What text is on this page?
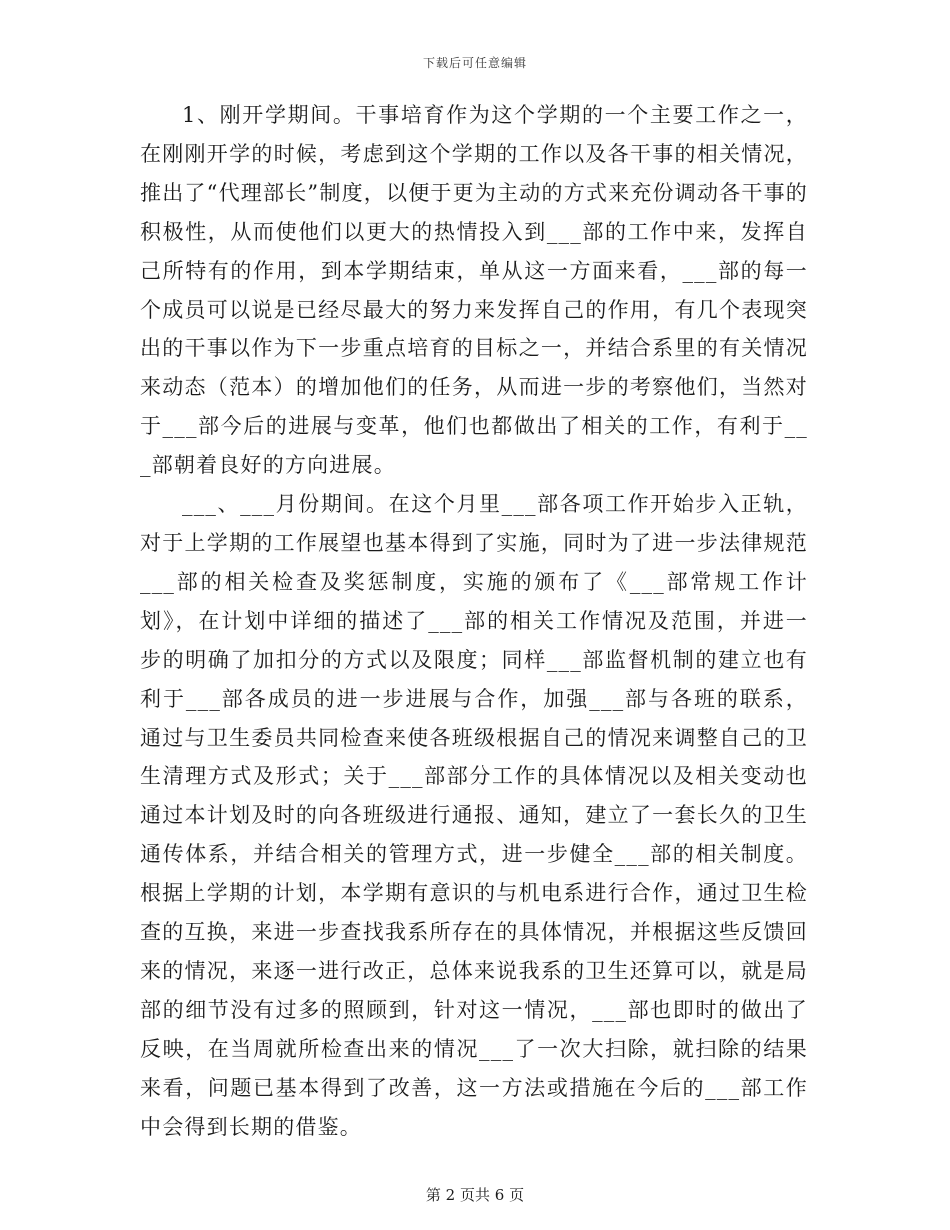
下载后可任意编辑

1、刚开学期间。干事培育作为这个学期的一个主要工作之一，在刚刚开学的时候，考虑到这个学期的工作以及各干事的相关情况，推出了“代理部长”制度，以便于更为主动的方式来充份调动各干事的积极性，从而使他们以更大的热情投入到___部的工作中来，发挥自己所特有的作用，到本学期结束，单从这一方面来看，___部的每一个成员可以说是已经尽最大的努力来发挥自己的作用，有几个表现突出的干事以作为下一步重点培育的目标之一，并结合系里的有关情况来动态（范本）的增加他们的任务，从而进一步的考察他们，当然对于___部今后的进展与变革，他们也都做出了相关的工作，有利于___部朝着良好的方向进展。

___、___月份期间。在这个月里___部各项工作开始步入正轨，对于上学期的工作展望也基本得到了实施，同时为了进一步法律规范___部的相关检查及奖惩制度，实施的颁布了《___部常规工作计划》，在计划中详细的描述了___部的相关工作情况及范围，并进一步的明确了加扣分的方式以及限度；同样___部监督机制的建立也有利于___部各成员的进一步进展与合作，加强___部与各班的联系，通过与卫生委员共同检查来使各班级根据自己的情况来调整自己的卫生清理方式及形式；关于___部部分工作的具体情况以及相关变动也通过本计划及时的向各班级进行通报、通知，建立了一套长久的卫生通传体系，并结合相关的管理方式，进一步健全___部的相关制度。根据上学期的计划，本学期有意识的与机电系进行合作，通过卫生检查的互换，来进一步查找我系所存在的具体情况，并根据这些反馈回来的情况，来逐一进行改正，总体来说我系的卫生还算可以，就是局部的细节没有过多的照顾到，针对这一情况，___部也即时的做出了反映，在当周就所检查出来的情况___了一次大扫除，就扫除的结果来看，问题已基本得到了改善，这一方法或措施在今后的___部工作中会得到长期的借鉴。

第 2 页共 6 页
